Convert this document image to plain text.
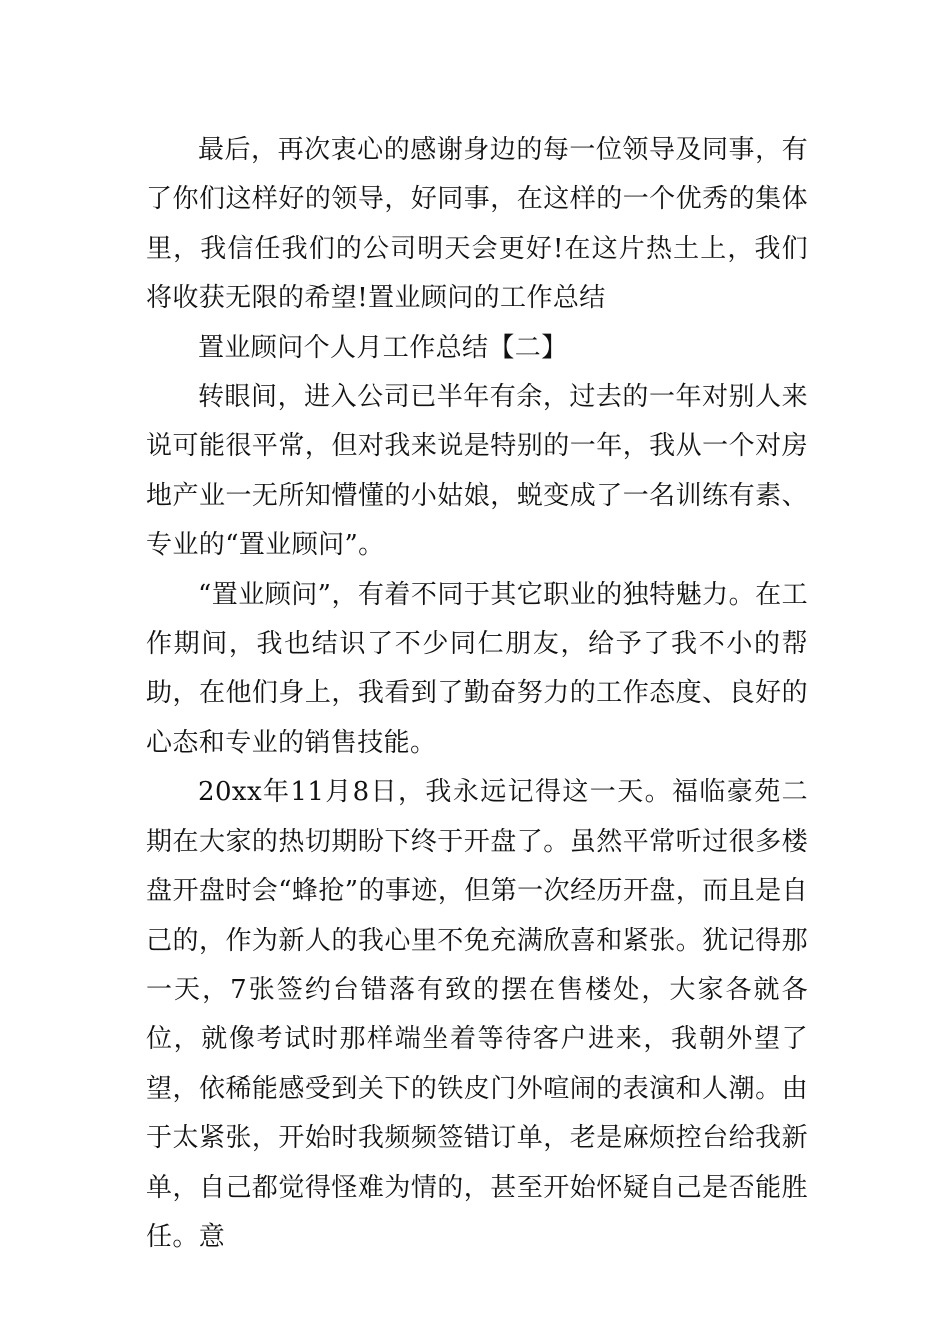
最后，再次衷心的感谢身边的每一位领导及同事，有了你们这样好的领导，好同事，在这样的一个优秀的集体里，我信任我们的公司明天会更好!在这片热土上，我们将收获无限的希望!置业顾问的工作总结

置业顾问个人月工作总结【二】

转眼间，进入公司已半年有余，过去的一年对别人来说可能很平常，但对我来说是特别的一年，我从一个对房地产业一无所知懵懂的小姑娘，蜕变成了一名训练有素、专业的“置业顾问”。

“置业顾问”，有着不同于其它职业的独特魅力。在工作期间，我也结识了不少同仁朋友，给予了我不小的帮助，在他们身上，我看到了勤奋努力的工作态度、良好的心态和专业的销售技能。

20xx年11月8日，我永远记得这一天。福临豪苑二期在大家的热切期盼下终于开盘了。虽然平常听过很多楼盘开盘时会“蜂抢”的事迹，但第一次经历开盘，而且是自己的，作为新人的我心里不免充满欣喜和紧张。犹记得那一天，7张签约台错落有致的摆在售楼处，大家各就各位，就像考试时那样端坐着等待客户进来，我朝外望了望，依稀能感受到关下的铁皮门外喧闹的表演和人潮。由于太紧张，开始时我频频签错订单，老是麻烦控台给我新单，自己都觉得怪难为情的，甚至开始怀疑自己是否能胜任。意
